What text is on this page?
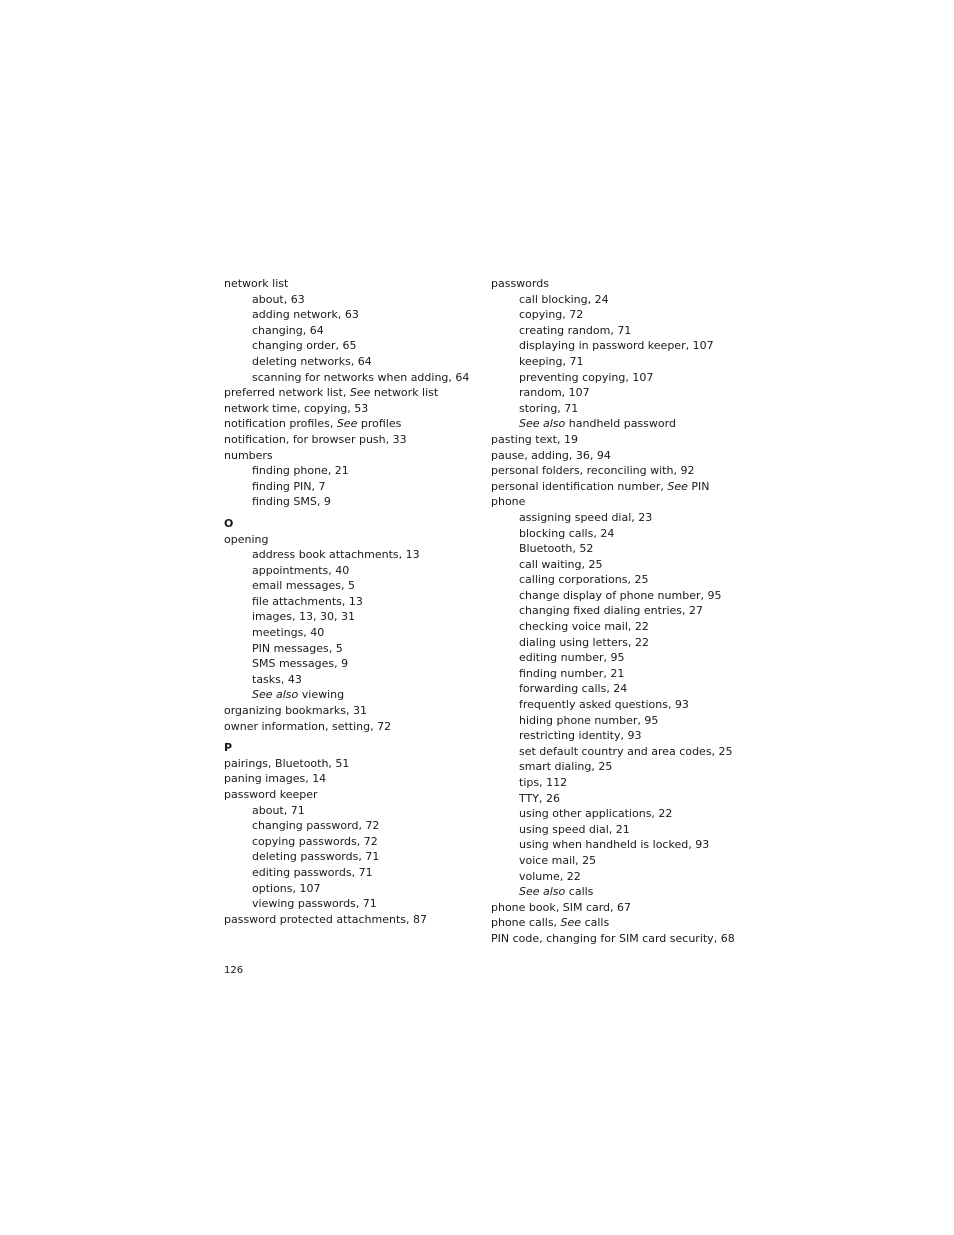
network list
about, 63
adding network, 63
changing, 64
changing order, 65
deleting networks, 64
scanning for networks when adding, 64
preferred network list, See network list
network time, copying, 53
notification profiles, See profiles
notification, for browser push, 33
numbers
finding phone, 21
finding PIN, 7
finding SMS, 9
O
opening
address book attachments, 13
appointments, 40
email messages, 5
file attachments, 13
images, 13, 30, 31
meetings, 40
PIN messages, 5
SMS messages, 9
tasks, 43
See also viewing
organizing bookmarks, 31
owner information, setting, 72
P
pairings, Bluetooth, 51
paning images, 14
password keeper
about, 71
changing password, 72
copying passwords, 72
deleting passwords, 71
editing passwords, 71
options, 107
viewing passwords, 71
password protected attachments, 87
passwords
call blocking, 24
copying, 72
creating random, 71
displaying in password keeper, 107
keeping, 71
preventing copying, 107
random, 107
storing, 71
See also handheld password
pasting text, 19
pause, adding, 36, 94
personal folders, reconciling with, 92
personal identification number, See PIN
phone
assigning speed dial, 23
blocking calls, 24
Bluetooth, 52
call waiting, 25
calling corporations, 25
change display of phone number, 95
changing fixed dialing entries, 27
checking voice mail, 22
dialing using letters, 22
editing number, 95
finding number, 21
forwarding calls, 24
frequently asked questions, 93
hiding phone number, 95
restricting identity, 93
set default country and area codes, 25
smart dialing, 25
tips, 112
TTY, 26
using other applications, 22
using speed dial, 21
using when handheld is locked, 93
voice mail, 25
volume, 22
See also calls
phone book, SIM card, 67
phone calls, See calls
PIN code, changing for SIM card security, 68
126
